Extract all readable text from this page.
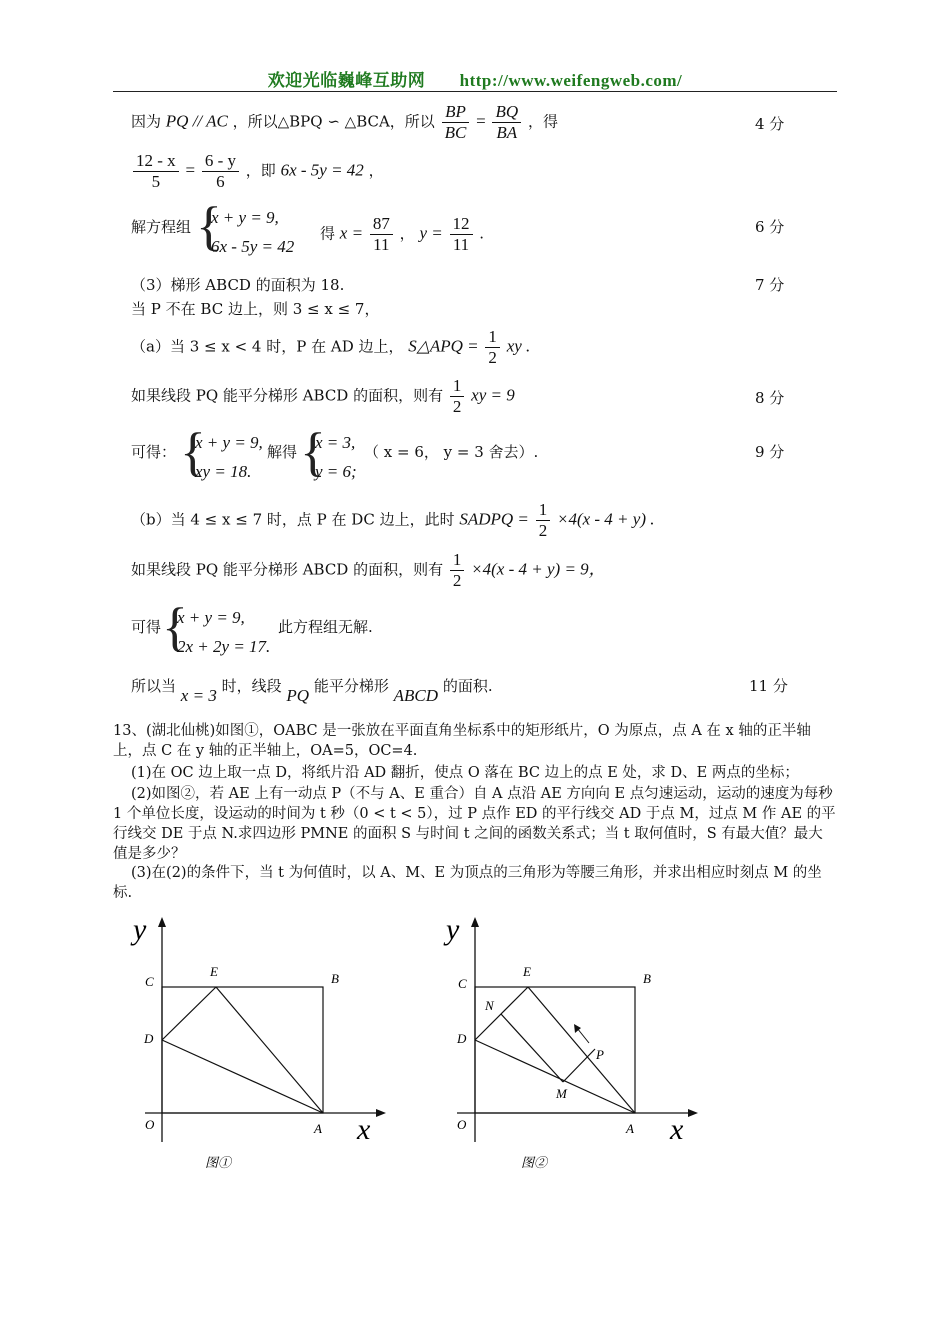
欢迎光临巍峰互助网 http://www.weifengweb.com/
因为 PQ // AC ，所以△BPQ ∽ △BCA，所以 $\frac{BP}{BC} = \frac{BQ}{BA}$ ，得	4 分
$\frac{12 - x}{5} = \frac{6 - y}{6}$ ，即 6x - 5y = 42 ，
解方程组 {
x + y = 9,
6x - 5y = 42
得 $x = \frac{87}{11}$ ， $y = \frac{12}{11}$ .	6 分
（3）梯形 ABCD 的面积为 18.	7 分
当 P 不在 BC 边上，则 3 ≤ x ≤ 7，
（a）当 3 ≤ x < 4 时，P 在 AD 边上， S△APQ = $\frac{1}{2}$ xy .
如果线段 PQ 能平分梯形 ABCD 的面积，则有 $\frac{1}{2}$ xy = 9	8 分
可得： {
x + y = 9,
xy = 18.
解得 {
x = 3,
y = 6;
（ x = 6， y = 3 舍去）.	9 分
（b）当 4 ≤ x ≤ 7 时，点 P 在 DC 边上，此时 SADPQ = $\frac{1}{2} \times 4(x - 4 + y)$ .
如果线段 PQ 能平分梯形 ABCD 的面积，则有 $\frac{1}{2} \times 4(x - 4 + y) = 9$，
可得 {
x + y = 9,
2x + 2y = 17.
此方程组无解.
所以当 x = 3 时，线段 PQ 能平分梯形 ABCD 的面积.	11 分
13、(湖北仙桃)如图①，OABC 是一张放在平面直角坐标系中的矩形纸片，O 为原点，点 A 在 x 轴的正半轴上，点 C 在 y 轴的正半轴上，OA=5，OC=4.
(1)在 OC 边上取一点 D，将纸片沿 AD 翻折，使点 O 落在 BC 边上的点 E 处，求 D、E 两点的坐标；
(2)如图②，若 AE 上有一动点 P（不与 A、E 重合）自 A 点沿 AE 方向向 E 点匀速运动，运动的速度为每秒 1 个单位长度，设运动的时间为 t 秒（0 < t < 5），过 P 点作 ED 的平行线交 AD 于点 M，过点 M 作 AE 的平行线交 DE 于点 N.求四边形 PMNE 的面积 S 与时间 t 之间的函数关系式；当 t 取何值时，S 有最大值？最大值是多少？
(3)在(2)的条件下，当 t 为何值时，以 A、M、E 为顶点的三角形为等腰三角形，并求出相应时刻点 M 的坐标.
y
x
C
E	B
D
O	A
图①
y
x
C
E	B
N
D
P
M
O	A
图②
